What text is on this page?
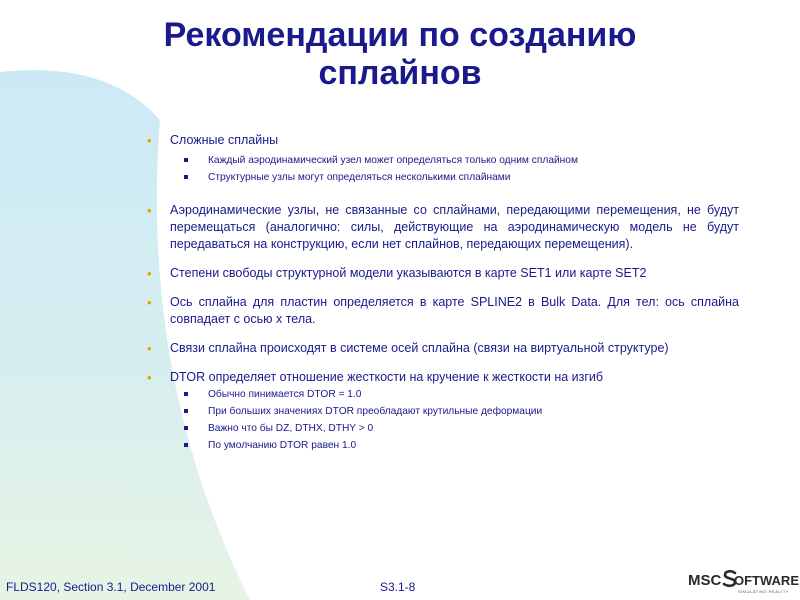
Рекомендации по созданию
сплайнов
• Сложные сплайны
Каждый аэродинамический узел может определяться только одним сплайном
Структурные узлы могут определяться несколькими сплайнами
• Аэродинамические узлы, не связанные со сплайнами, передающими перемещения, не будут перемещаться (аналогично: силы, действующие на аэродинамическую модель не будут передаваться на конструкцию, если нет сплайнов, передающих перемещения).
• Степени свободы структурной модели указываются в карте SET1 или карте SET2
• Ось сплайна для пластин определяется в карте SPLINE2 в Bulk Data. Для тел: ось сплайна совпадает с осью x тела.
• Связи сплайна происходят в системе осей сплайна (связи на виртуальной структуре)
• DTOR определяет отношение жесткости на кручение к жесткости на изгиб
Обычно пинимается DTOR = 1.0
При больших значениях DTOR преобладают крутильные деформации
Важно что бы DZ, DTHX, DTHY > 0
По умолчанию DTOR равен 1.0
FLDS120, Section 3.1, December 2001	S3.1-8	MSC OFTWARE
SIMULATING REALITY
